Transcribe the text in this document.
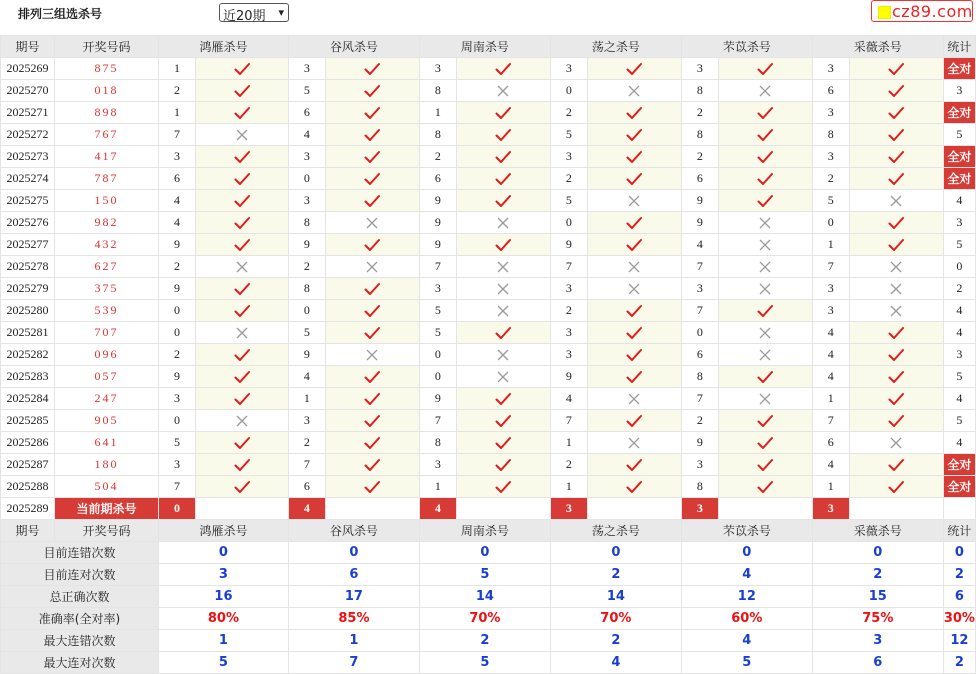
排列三组选杀号	近20期 ▾	cz89.com
期号	开奖号码	鸿雁杀号		谷风杀号		周南杀号		荡之杀号		芣苡杀号		采薇杀号		统计
2025269	875	1		3		3		3		3		3		全对
2025270	018	2		5		8		0		8		6		3
2025271	898	1		6		1		2		2		3		全对
2025272	767	7		4		8		5		8		8		5
2025273	417	3		3		2		3		2		3		全对
2025274	787	6		0		6		2		6		2		全对
2025275	150	4		3		9		5		9		5		4
2025276	982	4		8		9		0		9		0		3
2025277	432	9		9		9		9		4		1		5
2025278	627	2		2		7		7		7		7		0
2025279	375	9		8		3		3		3		3		2
2025280	539	0		0		5		2		7		3		4
2025281	707	0		5		5		3		0		4		4
2025282	096	2		9		0		3		6		4		3
2025283	057	9		4		0		9		8		4		5
2025284	247	3		1		9		4		7		1		4
2025285	905	0		3		7		7		2		7		5
2025286	641	5		2		8		1		9		6		4
2025287	180	3		7		3		2		3		4		全对
2025288	504	7		6		1		1		8		1		全对
2025289	当前期杀号	0		4		4		3		3		3		
期号	开奖号码	鸿雁杀号		谷风杀号		周南杀号		荡之杀号		芣苡杀号		采薇杀号		统计
目前连错次数		0		0		0		0		0		0		0
目前连对次数		3		6		5		2		4		2		2
总正确次数		16		17		14		14		12		15		6
准确率(全对率)		80%		85%		70%		70%		60%		75%		30%
最大连错次数		1		1		2		2		4		3		12
最大连对次数		5		7		5		4		5		6		2
